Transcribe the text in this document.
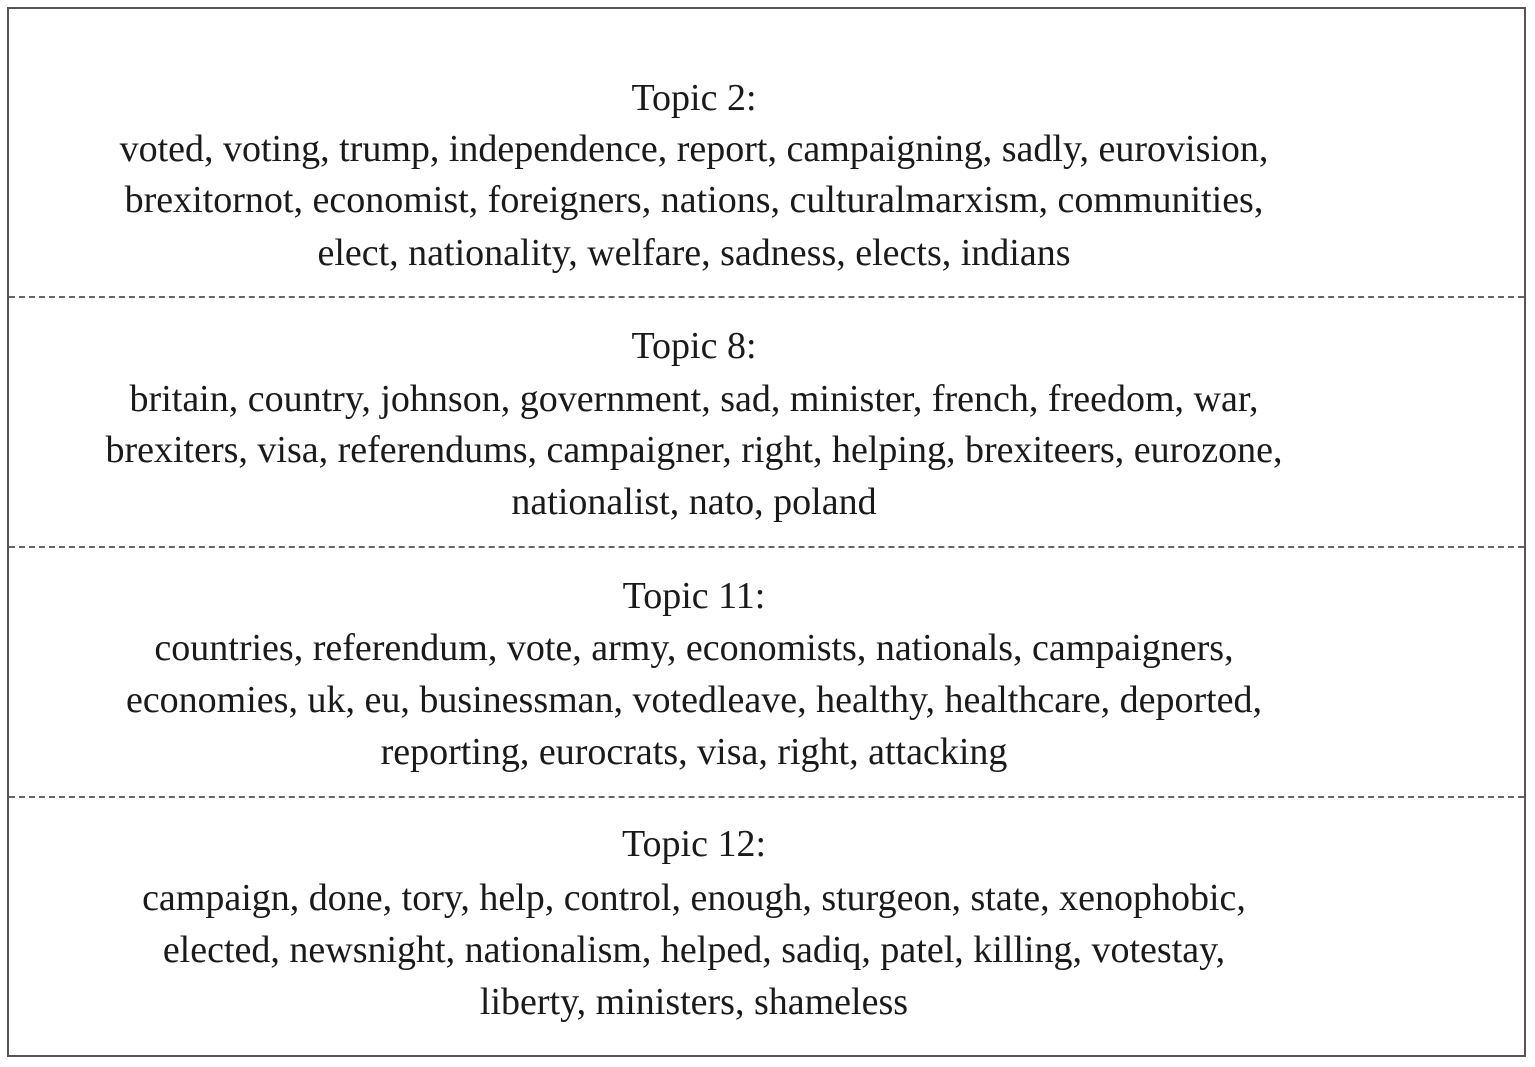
Topic 2:
voted, voting, trump, independence, report, campaigning, sadly, eurovision,
brexitornot, economist, foreigners, nations, culturalmarxism, communities,
elect, nationality, welfare, sadness, elects, indians
Topic 8:
britain, country, johnson, government, sad, minister, french, freedom, war,
brexiters, visa, referendums, campaigner, right, helping, brexiteers, eurozone,
nationalist, nato, poland
Topic 11:
countries, referendum, vote, army, economists, nationals, campaigners,
economies, uk, eu, businessman, votedleave, healthy, healthcare, deported,
reporting, eurocrats, visa, right, attacking
Topic 12:
campaign, done, tory, help, control, enough, sturgeon, state, xenophobic,
elected, newsnight, nationalism, helped, sadiq, patel, killing, votestay,
liberty, ministers, shameless
